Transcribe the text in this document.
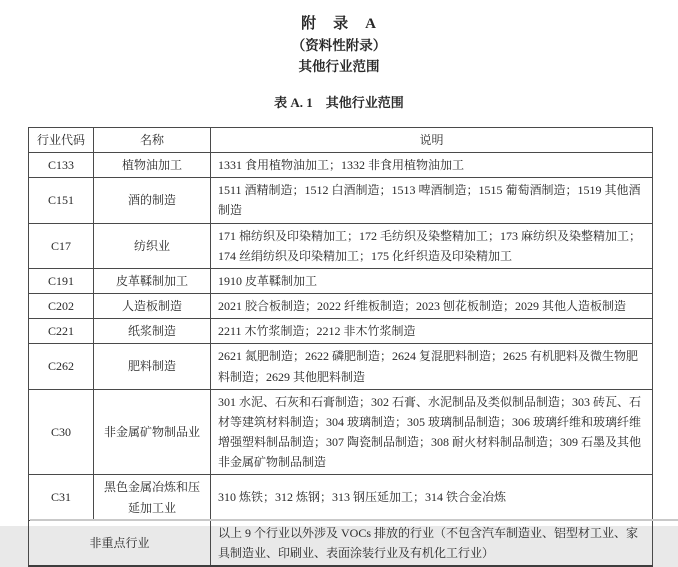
附　录　A
（资料性附录）
其他行业范围
表 A. 1　其他行业范围
行业代码	名称	说明
C133	植物油加工	1331 食用植物油加工；1332 非食用植物油加工
C151	酒的制造	1511 酒精制造；1512 白酒制造；1513 啤酒制造；1515 葡萄酒制造；1519 其他酒制造
C17	纺织业	171 棉纺织及印染精加工；172 毛纺织及染整精加工；173 麻纺织及染整精加工；174 丝绢纺织及印染精加工；175 化纤织造及印染精加工
C191	皮革鞣制加工	1910 皮革鞣制加工
C202	人造板制造	2021 胶合板制造；2022 纤维板制造；2023 刨花板制造；2029 其他人造板制造
C221	纸浆制造	2211 木竹浆制造；2212 非木竹浆制造
C262	肥料制造	2621 氮肥制造；2622 磷肥制造；2624 复混肥料制造；2625 有机肥料及微生物肥料制造；2629 其他肥料制造
C30	非金属矿物制品业	301 水泥、石灰和石膏制造；302 石膏、水泥制品及类似制品制造；303 砖瓦、石材等建筑材料制造；304 玻璃制造；305 玻璃制品制造；306 玻璃纤维和玻璃纤维增强塑料制品制造；307 陶瓷制品制造；308 耐火材料制品制造；309 石墨及其他非金属矿物制品制造
C31	黑色金属冶炼和压延加工业	310 炼铁；312 炼钢；313 钢压延加工；314 铁合金冶炼
非重点行业		以上 9 个行业以外涉及 VOCs 排放的行业（不包含汽车制造业、铝型材工业、家具制造业、印刷业、表面涂装行业及有机化工行业）
